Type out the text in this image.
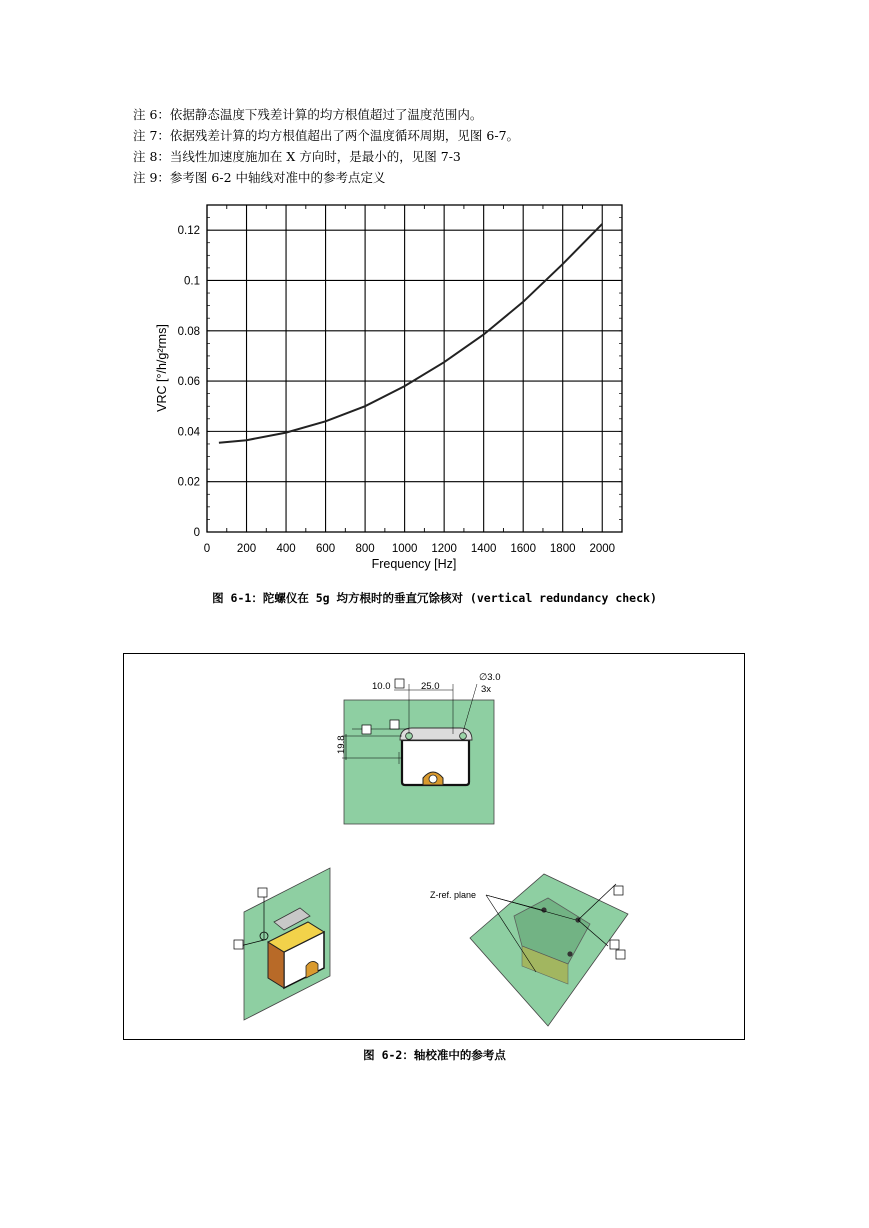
注 6：依据静态温度下残差计算的均方根值超过了温度范围内。
注 7：依据残差计算的均方根值超出了两个温度循环周期，见图 6-7。
注 8：当线性加速度施加在 X 方向时，是最小的，见图 7-3
注 9：参考图 6-2 中轴线对准中的参考点定义
0 200 400 600 800 1000 1200 1400 1600 1800 2000
0
0.02
0.04
0.06
0.08
0.1
0.12
Frequency [Hz]
VRC [°/h/g²rms]
图 6-1：陀螺仪在 5g 均方根时的垂直冗馀核对 (vertical redundancy check)
10.0	25.0
∅3.0
3x
19.8
Z-ref. plane
图 6-2：轴校准中的参考点
